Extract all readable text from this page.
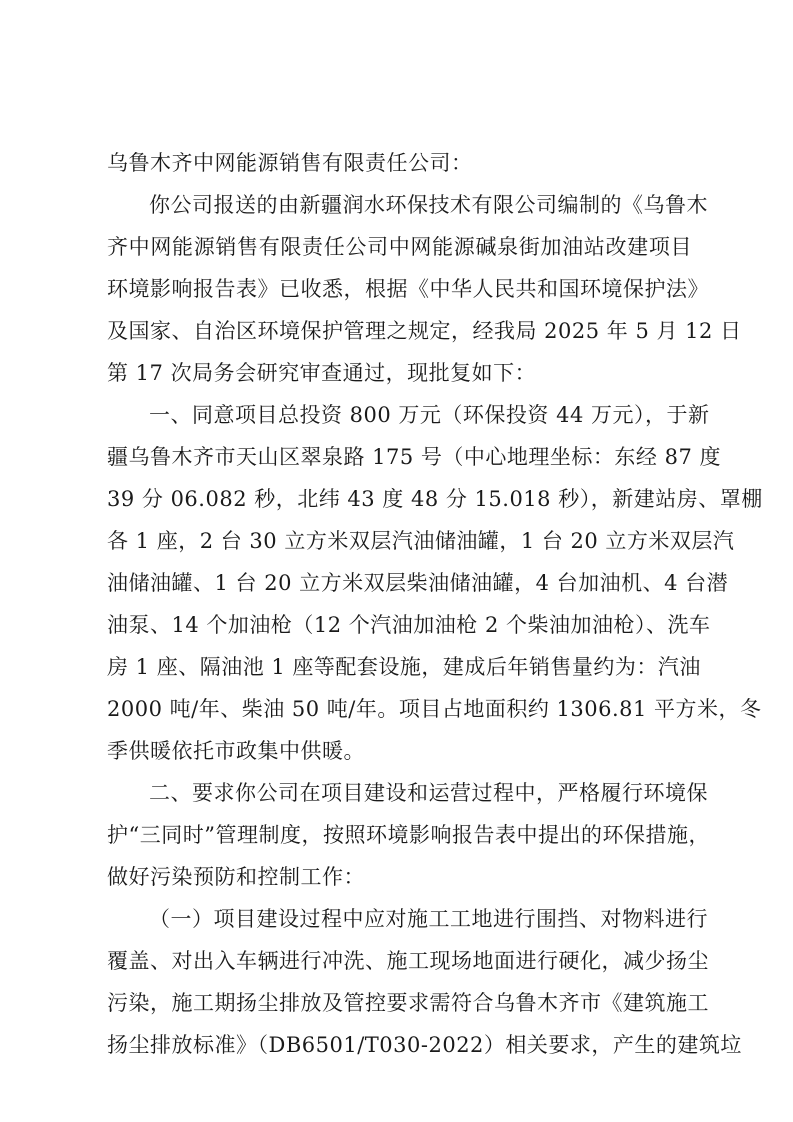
乌鲁木齐中网能源销售有限责任公司：
你公司报送的由新疆润水环保技术有限公司编制的《乌鲁木
齐中网能源销售有限责任公司中网能源碱泉街加油站改建项目
环境影响报告表》已收悉，根据《中华人民共和国环境保护法》
及国家、自治区环境保护管理之规定，经我局 2025 年 5 月 12 日
第 17 次局务会研究审查通过，现批复如下：
一、同意项目总投资 800 万元（环保投资 44 万元），于新
疆乌鲁木齐市天山区翠泉路 175 号（中心地理坐标：东经 87 度
39 分 06.082 秒，北纬 43 度 48 分 15.018 秒），新建站房、罩棚
各 1 座，2 台 30 立方米双层汽油储油罐，1 台 20 立方米双层汽
油储油罐、1 台 20 立方米双层柴油储油罐，4 台加油机、4 台潜
油泵、14 个加油枪（12 个汽油加油枪 2 个柴油加油枪）、洗车
房 1 座、隔油池 1 座等配套设施，建成后年销售量约为：汽油
2000 吨/年、柴油 50 吨/年。项目占地面积约 1306.81 平方米，冬
季供暖依托市政集中供暖。
二、要求你公司在项目建设和运营过程中，严格履行环境保
护“三同时”管理制度，按照环境影响报告表中提出的环保措施，
做好污染预防和控制工作：
（一）项目建设过程中应对施工工地进行围挡、对物料进行
覆盖、对出入车辆进行冲洗、施工现场地面进行硬化，减少扬尘
污染，施工期扬尘排放及管控要求需符合乌鲁木齐市《建筑施工
扬尘排放标准》（DB6501/T030-2022）相关要求，产生的建筑垃
